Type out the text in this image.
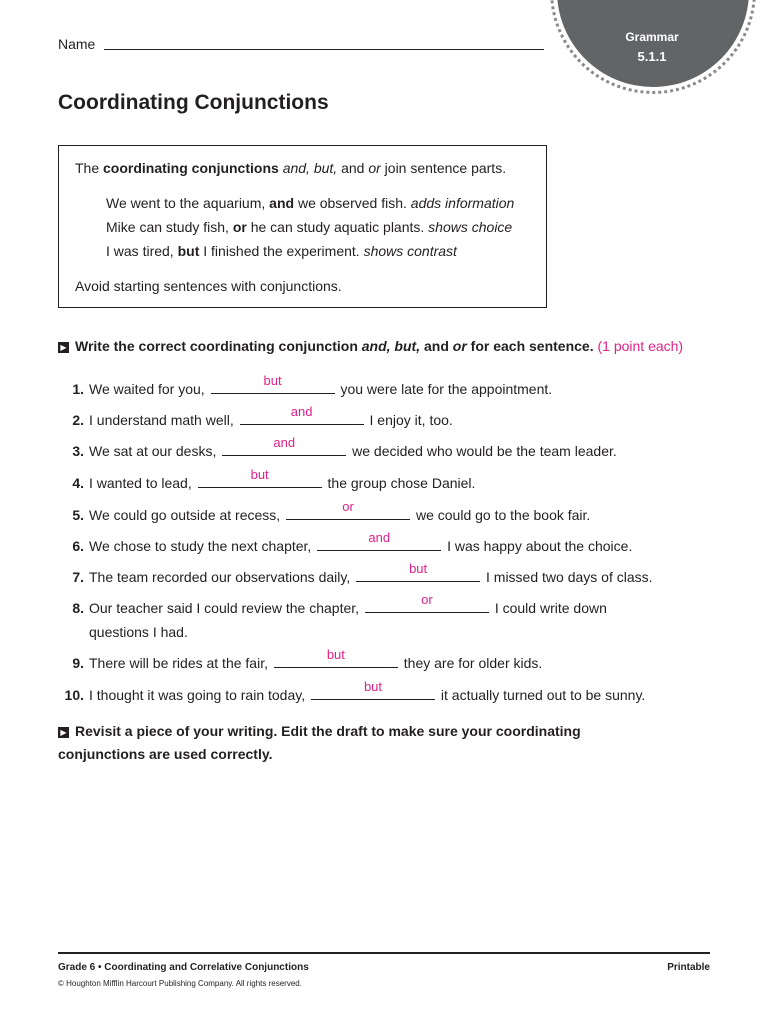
Grammar
5.1.1
Name
Coordinating Conjunctions
The coordinating conjunctions and, but, and or join sentence parts.
We went to the aquarium, and we observed fish. adds information
Mike can study fish, or he can study aquatic plants. shows choice
I was tired, but I finished the experiment. shows contrast
Avoid starting sentences with conjunctions.
▶ Write the correct coordinating conjunction and, but, and or for each sentence. (1 point each)
1. We waited for you,
but
you were late for the appointment.
2. I understand math well,
and
I enjoy it, too.
3. We sat at our desks,
and
we decided who would be the team leader.
4. I wanted to lead,
but
the group chose Daniel.
5. We could go outside at recess,
or
we could go to the book fair.
6. We chose to study the next chapter,
and
I was happy about the choice.
7. The team recorded our observations daily,
but
I missed two days of class.
8. Our teacher said I could review the chapter,
or
I could write down
questions I had.
9. There will be rides at the fair,
but
they are for older kids.
10. I thought it was going to rain today,
but
it actually turned out to be sunny.
▶ Revisit a piece of your writing. Edit the draft to make sure your coordinating
conjunctions are used correctly.
Grade 6 • Coordinating and Correlative Conjunctions	Printable
© Houghton Mifflin Harcourt Publishing Company. All rights reserved.
